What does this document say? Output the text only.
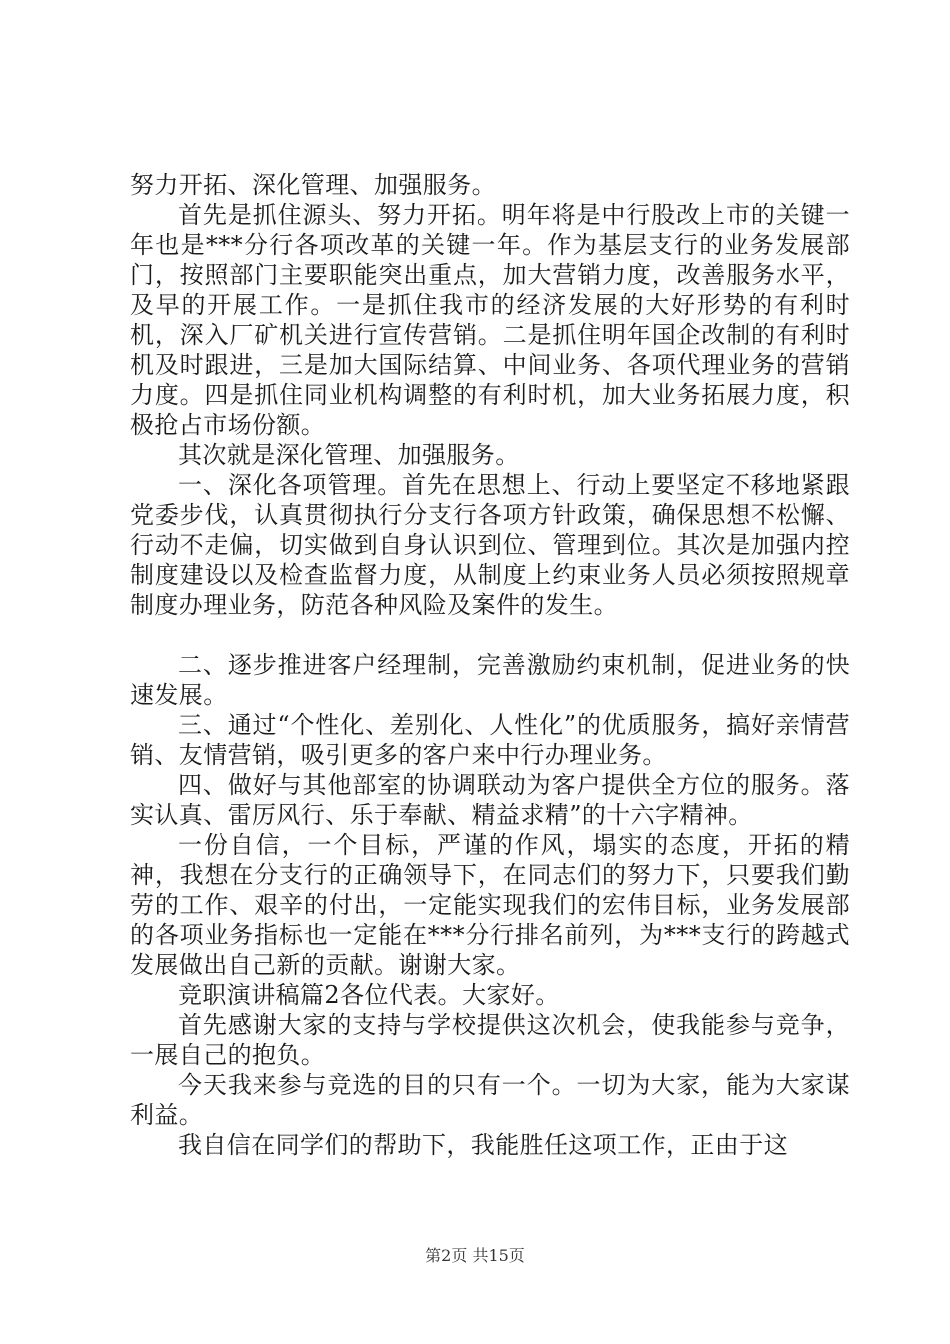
努力开拓、深化管理、加强服务。

首先是抓住源头、努力开拓。明年将是中行股改上市的关键一年也是***分行各项改革的关键一年。作为基层支行的业务发展部门，按照部门主要职能突出重点，加大营销力度，改善服务水平，及早的开展工作。一是抓住我市的经济发展的大好形势的有利时机，深入厂矿机关进行宣传营销。二是抓住明年国企改制的有利时机及时跟进，三是加大国际结算、中间业务、各项代理业务的营销力度。四是抓住同业机构调整的有利时机，加大业务拓展力度，积极抢占市场份额。

其次就是深化管理、加强服务。

一、深化各项管理。首先在思想上、行动上要坚定不移地紧跟党委步伐，认真贯彻执行分支行各项方针政策，确保思想不松懈、行动不走偏，切实做到自身认识到位、管理到位。其次是加强内控制度建设以及检查监督力度，从制度上约束业务人员必须按照规章制度办理业务，防范各种风险及案件的发生。

二、逐步推进客户经理制，完善激励约束机制，促进业务的快速发展。

三、通过“个性化、差别化、人性化”的优质服务，搞好亲情营销、友情营销，吸引更多的客户来中行办理业务。

四、做好与其他部室的协调联动为客户提供全方位的服务。落实认真、雷厉风行、乐于奉献、精益求精”的十六字精神。

一份自信，一个目标，严谨的作风，塌实的态度，开拓的精神，我想在分支行的正确领导下，在同志们的努力下，只要我们勤劳的工作、艰辛的付出，一定能实现我们的宏伟目标，业务发展部的各项业务指标也一定能在***分行排名前列，为***支行的跨越式发展做出自己新的贡献。谢谢大家。

竞职演讲稿篇2各位代表。大家好。

首先感谢大家的支持与学校提供这次机会，使我能参与竞争，一展自己的抱负。

今天我来参与竞选的目的只有一个。一切为大家，能为大家谋利益。

我自信在同学们的帮助下，我能胜任这项工作，正由于这

第2页 共15页
